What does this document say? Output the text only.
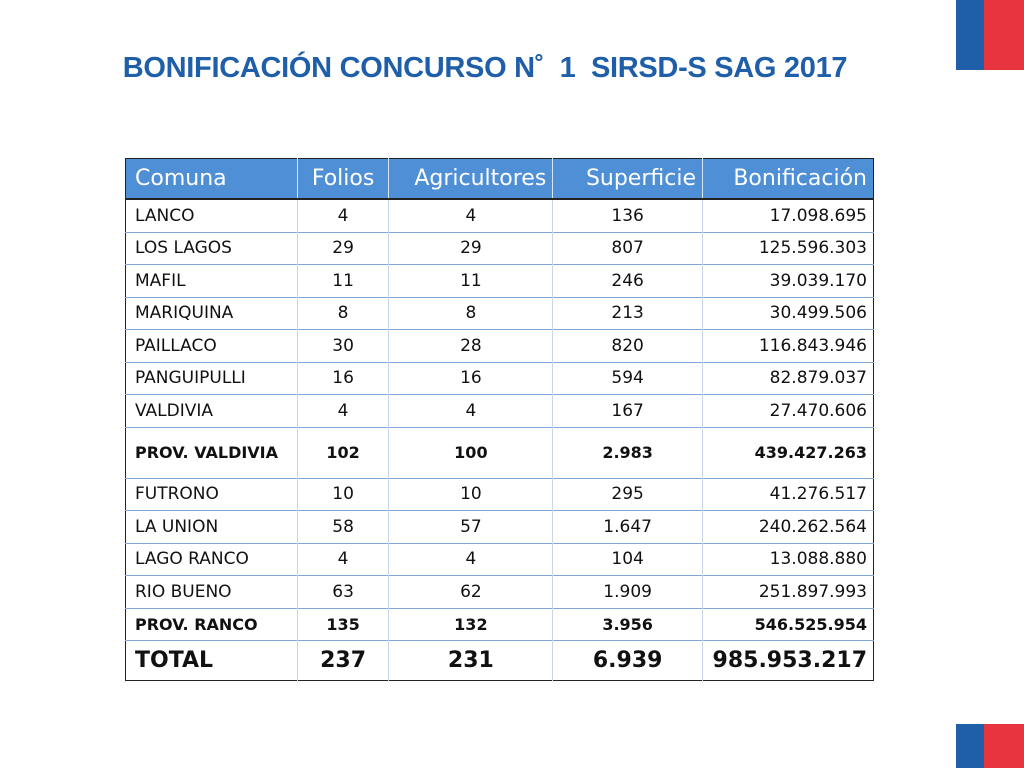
BONIFICACIÓN CONCURSO N˚  1  SIRSD-S SAG 2017
Comuna	Folios	Agricultores	Superficie	Bonificación
LANCO	4	4	136	17.098.695
LOS LAGOS	29	29	807	125.596.303
MAFIL	11	11	246	39.039.170
MARIQUINA	8	8	213	30.499.506
PAILLACO	30	28	820	116.843.946
PANGUIPULLI	16	16	594	82.879.037
VALDIVIA	4	4	167	27.470.606
PROV. VALDIVIA	102	100	2.983	439.427.263
FUTRONO	10	10	295	41.276.517
LA UNION	58	57	1.647	240.262.564
LAGO RANCO	4	4	104	13.088.880
RIO BUENO	63	62	1.909	251.897.993
PROV. RANCO	135	132	3.956	546.525.954
TOTAL	237	231	6.939	985.953.217
